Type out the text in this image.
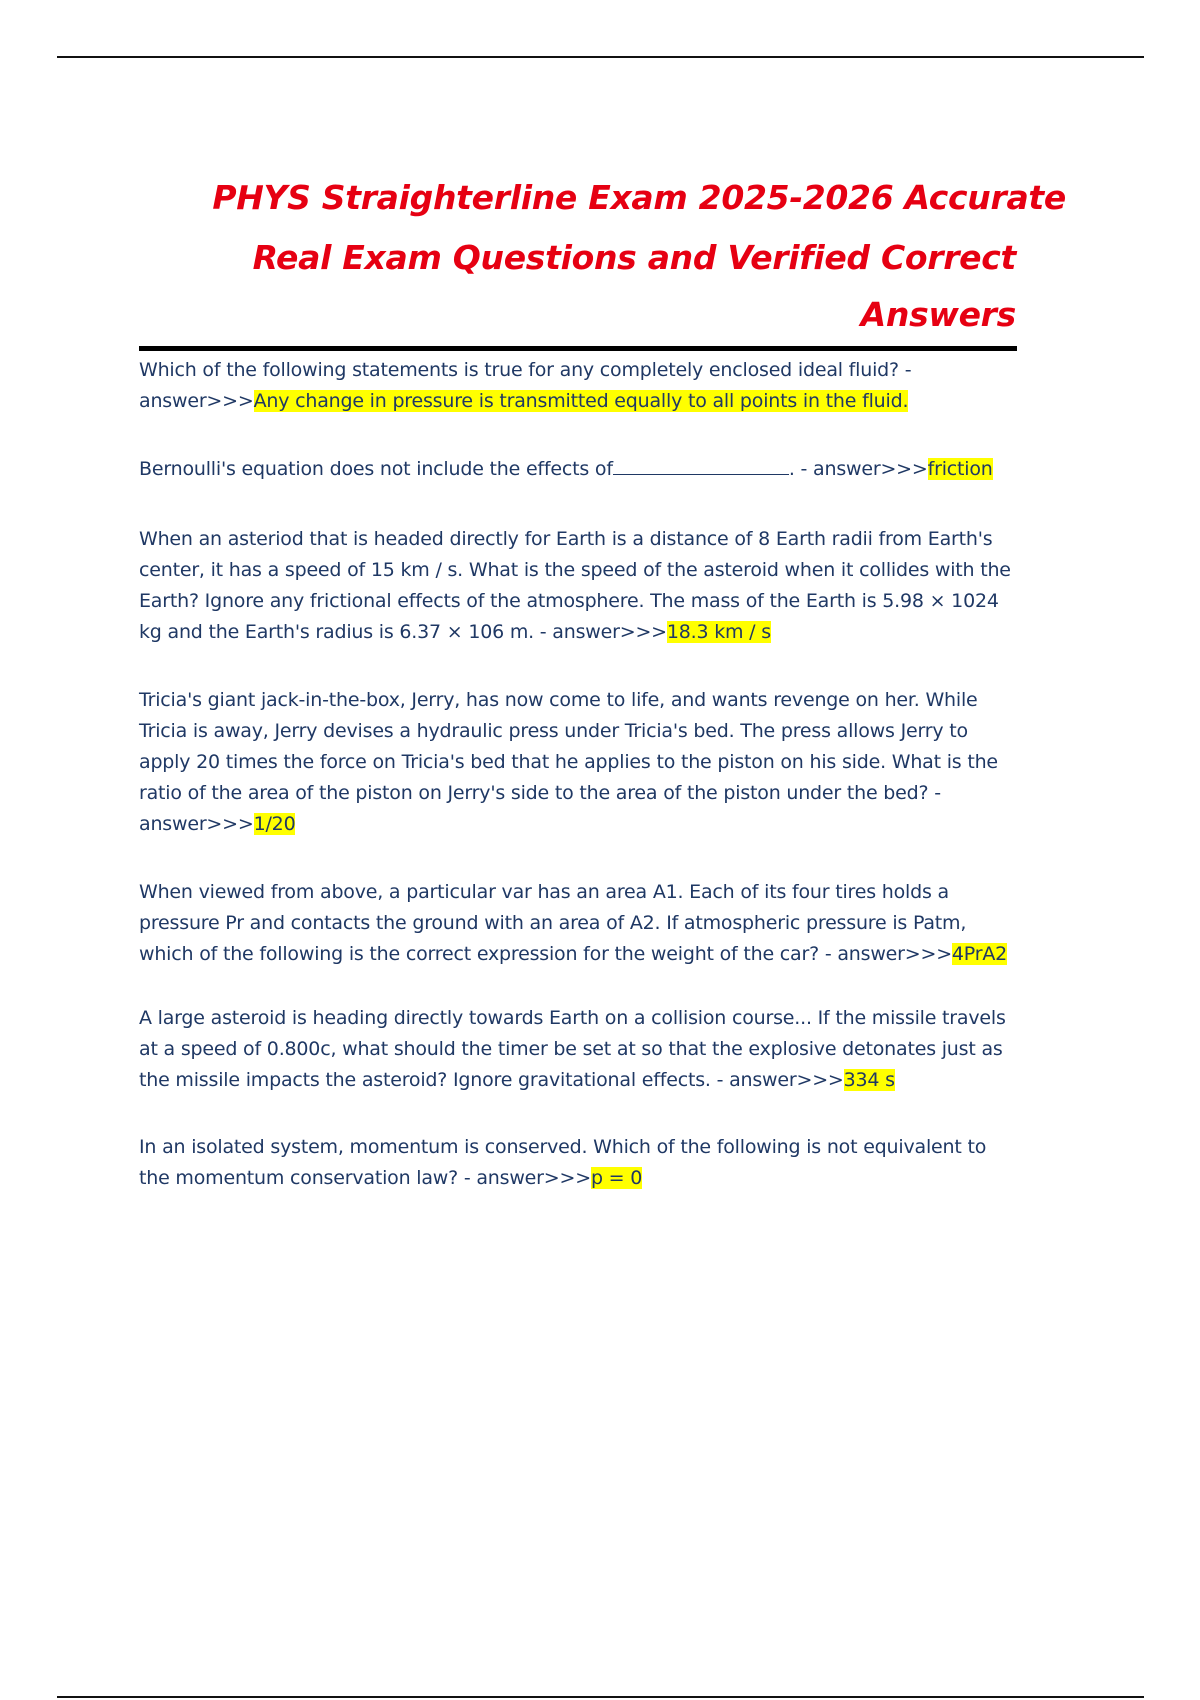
PHYS Straighterline Exam 2025-2026 Accurate
Real Exam Questions and Verified Correct
Answers
Which of the following statements is true for any completely enclosed ideal fluid? - answer>>>Any change in pressure is transmitted equally to all points in the fluid.
Bernoulli's equation does not include the effects of	. - answer>>>friction
When an asteriod that is headed directly for Earth is a distance of 8 Earth radii from Earth's center, it has a speed of 15 km / s. What is the speed of the asteroid when it collides with the Earth? Ignore any frictional effects of the atmosphere. The mass of the Earth is 5.98 × 1024 kg and the Earth's radius is 6.37 × 106 m. - answer>>>18.3 km / s
Tricia's giant jack-in-the-box, Jerry, has now come to life, and wants revenge on her. While Tricia is away, Jerry devises a hydraulic press under Tricia's bed. The press allows Jerry to apply 20 times the force on Tricia's bed that he applies to the piston on his side. What is the ratio of the area of the piston on Jerry's side to the area of the piston under the bed? - answer>>>1/20
When viewed from above, a particular var has an area A1. Each of its four tires holds a pressure Pr and contacts the ground with an area of A2. If atmospheric pressure is Patm, which of the following is the correct expression for the weight of the car? - answer>>>4PrA2
A large asteroid is heading directly towards Earth on a collision course... If the missile travels at a speed of 0.800c, what should the timer be set at so that the explosive detonates just as the missile impacts the asteroid? Ignore gravitational effects. - answer>>>334 s
In an isolated system, momentum is conserved. Which of the following is not equivalent to the momentum conservation law? - answer>>>p = 0
